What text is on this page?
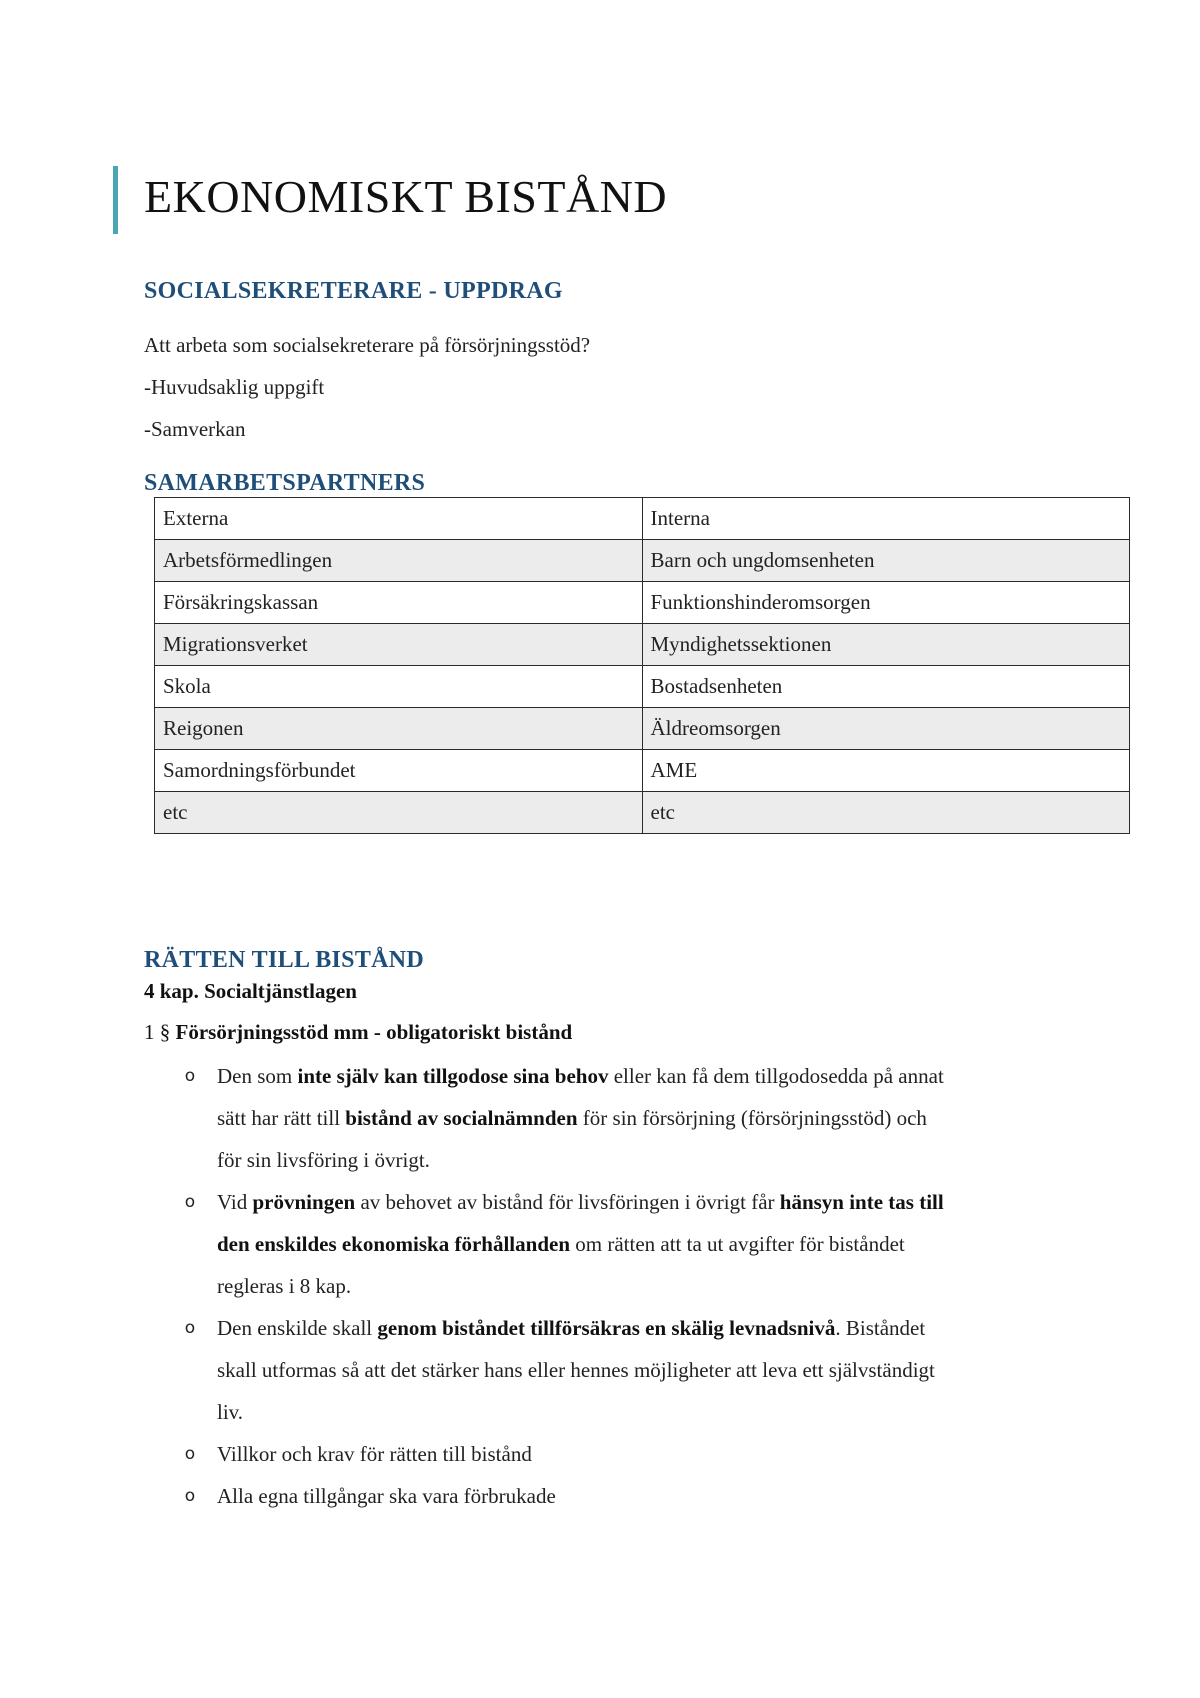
EKONOMISKT BISTÅND
SOCIALSEKRETERARE - UPPDRAG
Att arbeta som socialsekreterare på försörjningsstöd?
-Huvudsaklig uppgift
-Samverkan
SAMARBETSPARTNERS
Externa	Interna
Arbetsförmedlingen	Barn och ungdomsenheten
Försäkringskassan	Funktionshinderomsorgen
Migrationsverket	Myndighetssektionen
Skola	Bostadsenheten
Reigonen	Äldreomsorgen
Samordningsförbundet	AME
etc	etc
RÄTTEN TILL BISTÅND
4 kap. Socialtjänstlagen
1 § Försörjningsstöd mm - obligatoriskt bistånd
o Den som inte själv kan tillgodose sina behov eller kan få dem tillgodosedda på annat
sätt har rätt till bistånd av socialnämnden för sin försörjning (försörjningsstöd) och
för sin livsföring i övrigt.
o Vid prövningen av behovet av bistånd för livsföringen i övrigt får hänsyn inte tas till
den enskildes ekonomiska förhållanden om rätten att ta ut avgifter för biståndet
regleras i 8 kap.
o Den enskilde skall genom biståndet tillförsäkras en skälig levnadsnivå. Biståndet
skall utformas så att det stärker hans eller hennes möjligheter att leva ett självständigt
liv.
o Villkor och krav för rätten till bistånd
o Alla egna tillgångar ska vara förbrukade
